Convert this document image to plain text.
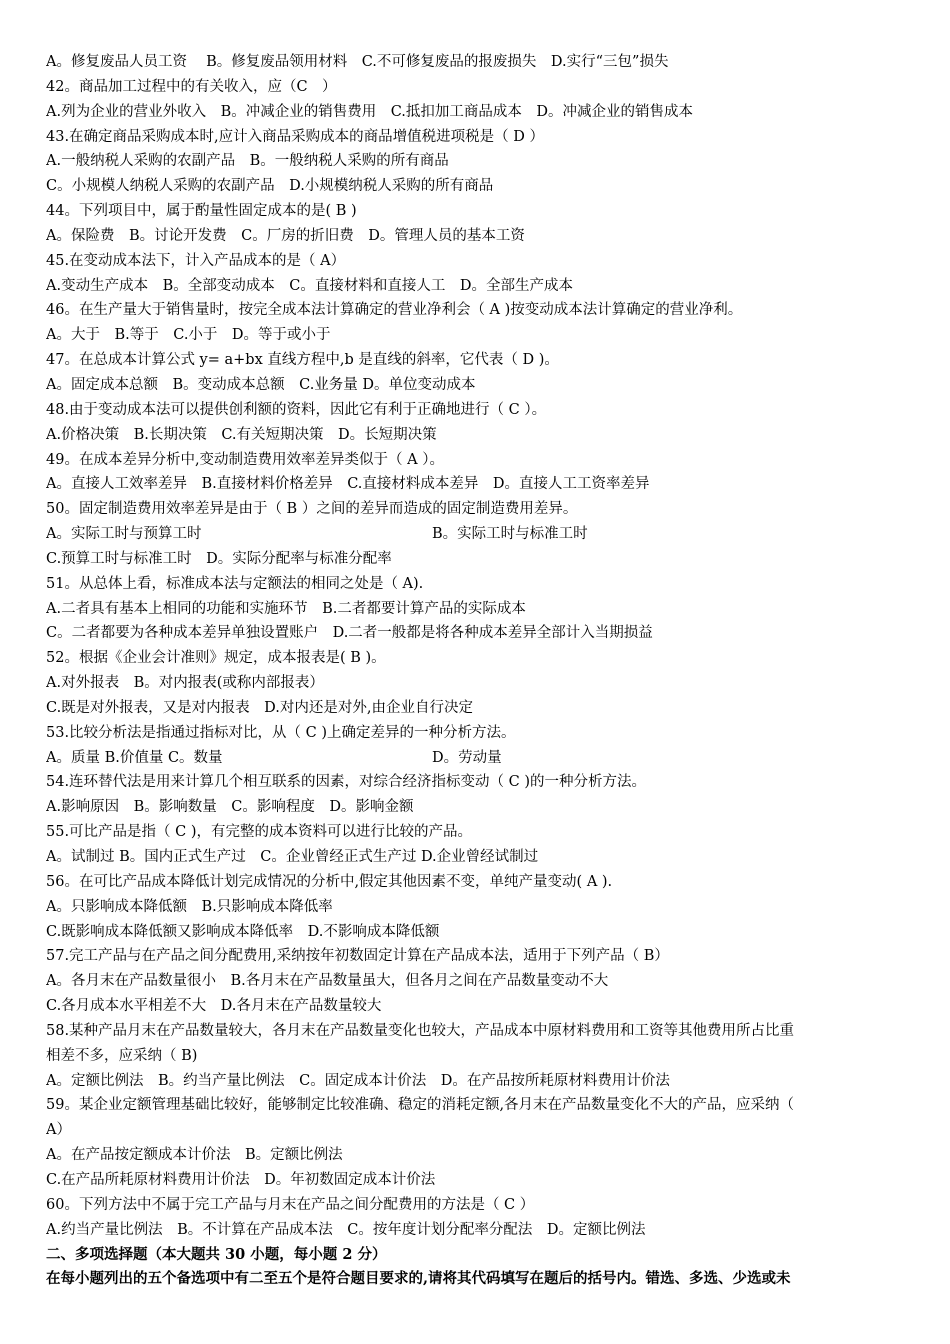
A。修复废品人员工资　 B。修复废品领用材料　C.不可修复废品的报废损失　D.实行“三包”损失
42。商品加工过程中的有关收入，应（C　）
A.列为企业的营业外收入　B。冲减企业的销售费用　C.抵扣加工商品成本　D。冲减企业的销售成本
43.在确定商品采购成本时,应计入商品采购成本的商品增值税进项税是（ D ）
A.一般纳税人采购的农副产品　B。一般纳税人采购的所有商品
C。小规模人纳税人采购的农副产品　D.小规模纳税人采购的所有商品
44。下列项目中，属于酌量性固定成本的是( B )
A。保险费　B。讨论开发费　C。厂房的折旧费　D。管理人员的基本工资
45.在变动成本法下，计入产品成本的是（ A）
A.变动生产成本　B。全部变动成本　C。直接材料和直接人工　D。全部生产成本
46。在生产量大于销售量时，按完全成本法计算确定的营业净利会（ A )按变动成本法计算确定的营业净利。
A。大于　B.等于　C.小于　D。等于或小于
47。在总成本计算公式 y= a+bx 直线方程中,b 是直线的斜率，它代表（ D )。
A。固定成本总额　B。变动成本总额　C.业务量 D。单位变动成本
48.由于变动成本法可以提供创利额的资料，因此它有利于正确地进行（ C ）。
A.价格决策　B.长期决策　C.有关短期决策　D。长短期决策
49。在成本差异分析中,变动制造费用效率差异类似于（ A ）。
A。直接人工效率差异　B.直接材料价格差异　C.直接材料成本差异　D。直接人工工资率差异
50。固定制造费用效率差异是由于（ B ）之间的差异而造成的固定制造费用差异。
A。实际工时与预算工时	B。实际工时与标准工时
C.预算工时与标准工时　D。实际分配率与标准分配率
51。从总体上看，标准成本法与定额法的相同之处是（ A).
A.二者具有基本上相同的功能和实施环节　B.二者都要计算产品的实际成本
C。二者都要为各种成本差异单独设置账户　D.二者一般都是将各种成本差异全部计入当期损益
52。根据《企业会计准则》规定，成本报表是( B )。
A.对外报表　B。对内报表(或称内部报表）
C.既是对外报表，又是对内报表　D.对内还是对外,由企业自行决定
53.比较分析法是指通过指标对比，从（ C )上确定差异的一种分析方法。
A。质量 B.价值量 C。数量	D。劳动量
54.连环替代法是用来计算几个相互联系的因素，对综合经济指标变动（ C )的一种分析方法。
A.影响原因　B。影响数量　C。影响程度　D。影响金额
55.可比产品是指（ C )，有完整的成本资料可以进行比较的产品。
A。试制过 B。国内正式生产过　C。企业曾经正式生产过 D.企业曾经试制过
56。在可比产品成本降低计划完成情况的分析中,假定其他因素不变，单纯产量变动( A ).
A。只影响成本降低额　B.只影响成本降低率
C.既影响成本降低额又影响成本降低率　D.不影响成本降低额
57.完工产品与在产品之间分配费用,采纳按年初数固定计算在产品成本法，适用于下列产品（ B）
A。各月末在产品数量很小　B.各月末在产品数量虽大，但各月之间在产品数量变动不大
C.各月成本水平相差不大　D.各月末在产品数量较大
58.某种产品月末在产品数量较大，各月末在产品数量变化也较大，产品成本中原材料费用和工资等其他费用所占比重
相差不多，应采纳（ B)
A。定额比例法　B。约当产量比例法　C。固定成本计价法　D。在产品按所耗原材料费用计价法
59。某企业定额管理基础比较好，能够制定比较准确、稳定的消耗定额,各月末在产品数量变化不大的产品，应采纳（
A）
A。在产品按定额成本计价法　B。定额比例法
C.在产品所耗原材料费用计价法　D。年初数固定成本计价法
60。下列方法中不属于完工产品与月末在产品之间分配费用的方法是（ C ）
A.约当产量比例法　B。不计算在产品成本法　C。按年度计划分配率分配法　D。定额比例法
二、多项选择题（本大题共 30 小题，每小题 2 分）
在每小题列出的五个备选项中有二至五个是符合题目要求的,请将其代码填写在题后的括号内。错选、多选、少选或未
